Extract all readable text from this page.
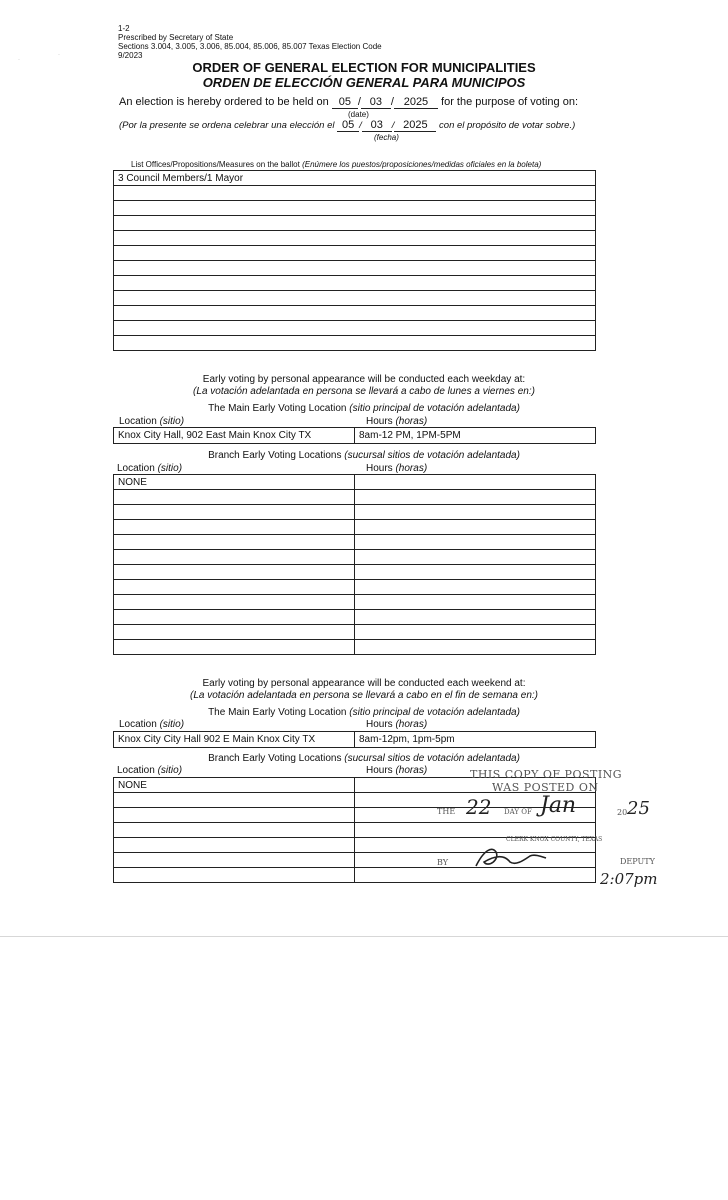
·
·
1-2
Prescribed by Secretary of State
Sections 3.004, 3.005, 3.006, 85.004, 85.006, 85.007 Texas Election Code
9/2023
ORDER OF GENERAL ELECTION FOR MUNICIPALITIES
ORDEN DE ELECCIÓN GENERAL PARA MUNICIPOS
An election is hereby ordered to be held on 05 / 03 / 2025 for the purpose of voting on:
(date)
(Por la presente se ordena celebrar una elección el 05 / 03 / 2025 con el propósito de votar sobre.)
(fecha)
List Offices/Propositions/Measures on the ballot (Enúmere los puestos/proposiciones/medidas oficiales en la boleta)
3 Council Members/1 Mayor

Early voting by personal appearance will be conducted each weekday at:
(La votación adelantada en persona se llevará a cabo de lunes a viernes en:)
The Main Early Voting Location (sitio principal de votación adelantada)
Location (sitio)	Hours (horas)
Knox City Hall, 902 East Main Knox City TX	8am-12 PM, 1PM-5PM
Branch Early Voting Locations (sucursal sitios de votación adelantada)
Location (sitio)	Hours (horas)
NONE	

Early voting by personal appearance will be conducted each weekend at:
(La votación adelantada en persona se llevará a cabo en el fin de semana en:)
The Main Early Voting Location (sitio principal de votación adelantada)
Location (sitio)	Hours (horas)
Knox City City Hall 902 E Main Knox City TX	8am-12pm, 1pm-5pm
Branch Early Voting Locations (sucursal sitios de votación adelantada)
Location (sitio)	Hours (horas)
NONE	

THIS COPY OF POSTING
WAS POSTED ON
THE 22 DAY OF Jan	20 25
CLERK KNOX COUNTY, TEXAS
BY	DEPUTY
2:07pm
